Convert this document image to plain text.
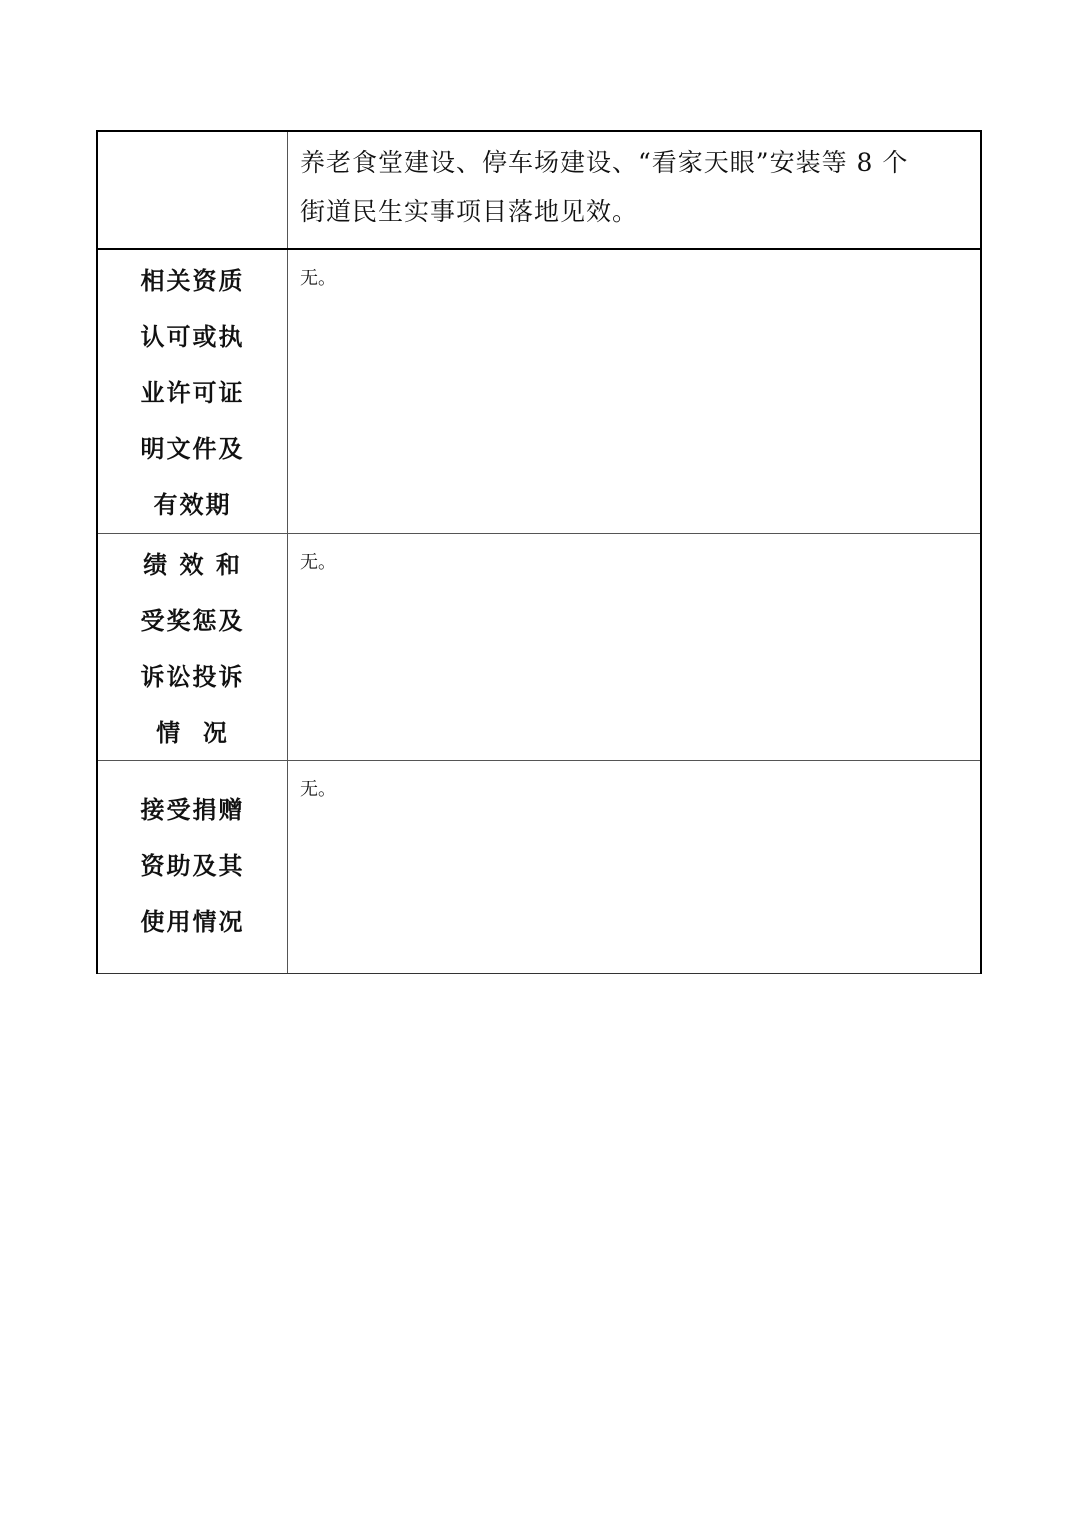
养老食堂建设、停车场建设、“看家天眼”安装等 8 个

街道民生实事项目落地见效。

相关资质
认可或执
业许可证
明文件及
有效期

无。

绩 效 和
受奖惩及
诉讼投诉
情  况

无。

接受捐赠
资助及其
使用情况

无。
